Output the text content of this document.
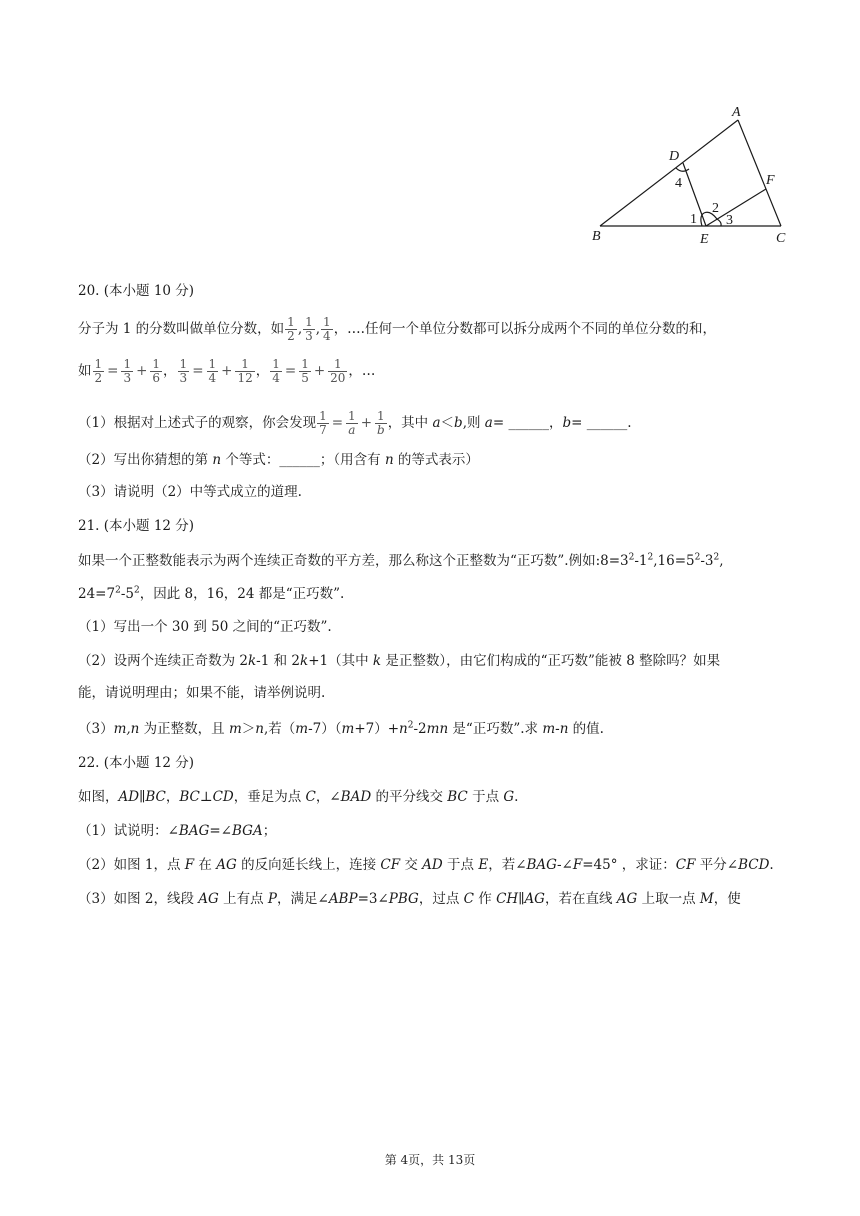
A
B	C
D
E
F
1
2
3
4
20. (本小题 10 分)
分子为 1 的分数叫做单位分数，如 $\frac{1}{2}$ , $\frac{1}{3}$ , $\frac{1}{4}$ ，….任何一个单位分数都可以拆分成两个不同的单位分数的和，
如 $\frac{1}{2} = \frac{1}{3} + \frac{1}{6}$ ， $\frac{1}{3} = \frac{1}{4} + \frac{1}{12}$ ， $\frac{1}{4} = \frac{1}{5} + \frac{1}{20}$ ，…
（1）根据对上述式子的观察，你会发现 $\frac{1}{7} = \frac{1}{a} + \frac{1}{b}$ ，其中 a＜b,则 a= ______，b= ______.
（2）写出你猜想的第 n 个等式：______；（用含有 n 的等式表示）
（3）请说明（2）中等式成立的道理.
21. (本小题 12 分)
如果一个正整数能表示为两个连续正奇数的平方差，那么称这个正整数为“正巧数”.例如$:8=3^2-1^2,16=5^2-3^2$,
$24=7^2-5^2$，因此 8，16，24 都是“正巧数”.
（1）写出一个 30 到 50 之间的“正巧数”.
（2）设两个连续正奇数为 2k-1 和 2k+1（其中 k 是正整数），由它们构成的“正巧数”能被 8 整除吗？如果
能，请说明理由；如果不能，请举例说明.
（3）m,n 为正整数，且 m＞n,若$(m-7)(m+7)+n^2-2mn$ 是“正巧数”.求 m-n 的值.
22. (本小题 12 分)
如图，AD∥BC，BC⊥CD，垂足为点 C，∠BAD 的平分线交 BC 于点 G.
（1）试说明：∠BAG=∠BGA；
（2）如图 1，点 F 在 AG 的反向延长线上，连接 CF 交 AD 于点 E，若∠BAG-∠F=45° ，求证：CF 平分∠BCD.
（3）如图 2，线段 AG 上有点 P，满足∠ABP=3∠PBG，过点 C 作 CH∥AG，若在直线 AG 上取一点 M，使
第 4页，共 13页
